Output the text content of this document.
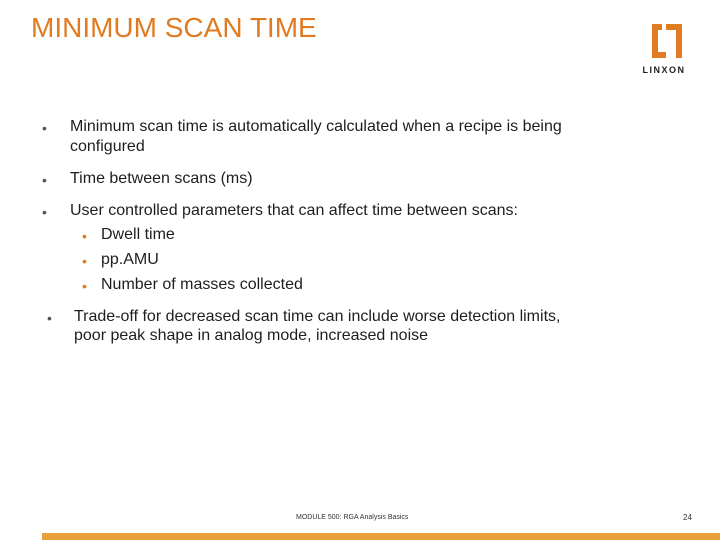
MINIMUM SCAN TIME
LINXON
• Minimum scan time is automatically calculated when a recipe is being
configured
• Time between scans (ms)
• User controlled parameters that can affect time between scans:
• Dwell time
• pp.AMU
• Number of masses collected
• Trade-off for decreased scan time can include worse detection limits,
poor peak shape in analog mode, increased noise
MODULE 500: RGA Analysis Basics	24
